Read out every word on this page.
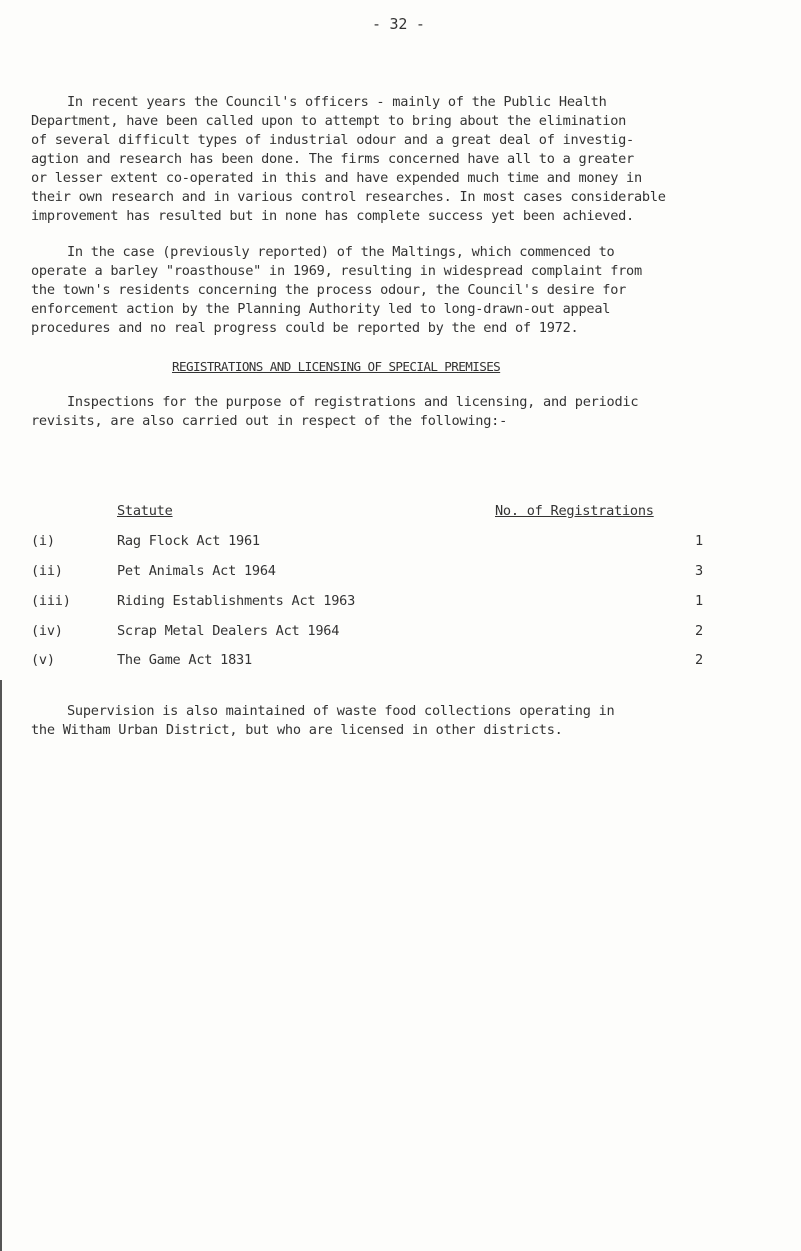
- 32 -
In recent years the Council's officers - mainly of the Public Health
Department, have been called upon to attempt to bring about the elimination
of several difficult types of industrial odour and a great deal of investig-
agtion and research has been done. The firms concerned have all to a greater
or lesser extent co-operated in this and have expended much time and money in
their own research and in various control researches. In most cases considerable
improvement has resulted but in none has complete success yet been achieved.
In the case (previously reported) of the Maltings, which commenced to
operate a barley "roasthouse" in 1969, resulting in widespread complaint from
the town's residents concerning the process odour, the Council's desire for
enforcement action by the Planning Authority led to long-drawn-out appeal
procedures and no real progress could be reported by the end of 1972.
REGISTRATIONS AND LICENSING OF SPECIAL PREMISES
Inspections for the purpose of registrations and licensing, and periodic
revisits, are also carried out in respect of the following:-
Statute	No. of Registrations
(i)	Rag Flock Act 1961	1
(ii)	Pet Animals Act 1964	3
(iii)	Riding Establishments Act 1963	1
(iv)	Scrap Metal Dealers Act 1964	2
(v)	The Game Act 1831	2
Supervision is also maintained of waste food collections operating in
the Witham Urban District, but who are licensed in other districts.
